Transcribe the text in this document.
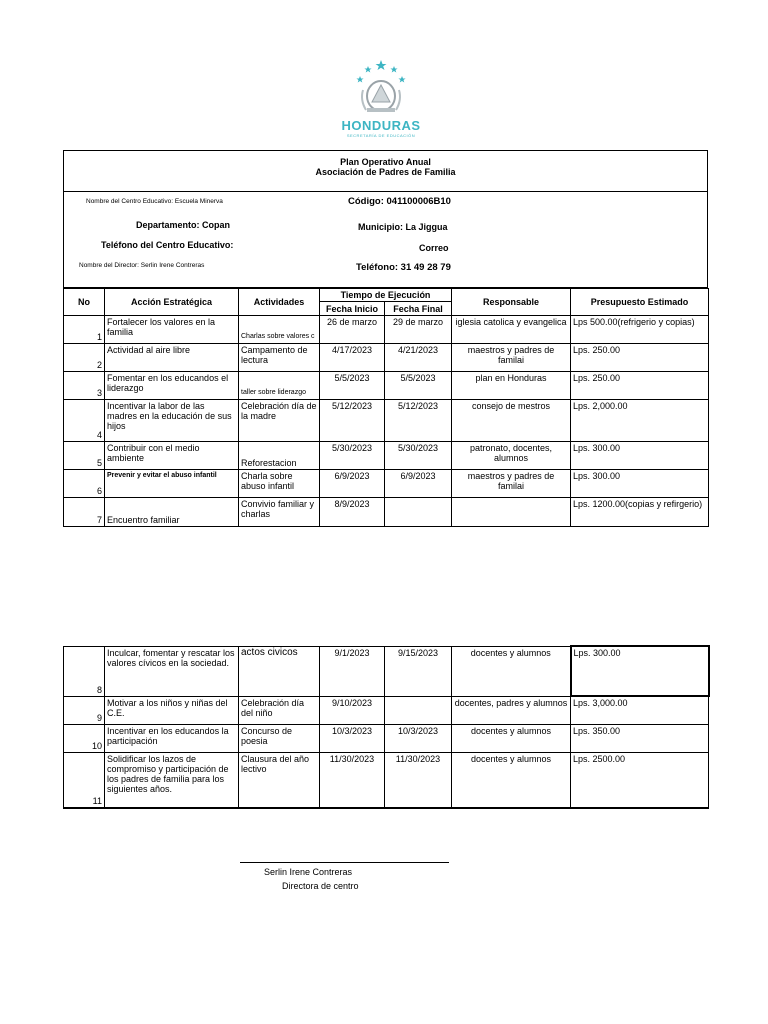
HONDURAS
SECRETARÍA DE EDUCACIÓN
Plan Operativo Anual
Asociación de Padres de Familia
Nombre del Centro Educativo: Escuela Minerva	Código: 041100006B10
Departamento: Copan	Municipio: La Jiggua
Teléfono del Centro Educativo:	Correo
Nombre del Director: Serlin Irene Contreras	Teléfono: 31 49 28 79
No	Acción Estratégica	Actividades	Tiempo de Ejecución		Responsable	Presupuesto Estimado
			Fecha Inicio	Fecha Final		
1	Fortalecer los valores en la familia	Charlas sobre valores c	26 de marzo	29 de marzo	iglesia catolica y evangelica	Lps 500.00(refrigerio y copias)
2	Actividad al aire libre	Campamento de lectura	4/17/2023	4/21/2023	maestros y padres de familai	Lps. 250.00
3	Fomentar en los educandos el liderazgo	taller sobre liderazgo	5/5/2023	5/5/2023	plan en Honduras	Lps. 250.00
4	Incentivar la labor de las madres en la educación de sus hijos	Celebración día de la madre	5/12/2023	5/12/2023	consejo de mestros	Lps. 2,000.00
5	Contribuir con el medio ambiente	Reforestacion	5/30/2023	5/30/2023	patronato, docentes, alumnos	Lps. 300.00
6	Prevenir y evitar el abuso infantil	Charla sobre abuso infantil	6/9/2023	6/9/2023	maestros y padres de familai	Lps. 300.00
7	Encuentro familiar	Convivio familiar y charlas	8/9/2023			Lps. 1200.00(copias y refirgerio)
8	Inculcar, fomentar y rescatar los valores cívicos en la sociedad.	actos civicos	9/1/2023	9/15/2023	docentes y alumnos	Lps. 300.00
9	Motivar a los niños y niñas del C.E.	Celebración día del niño	9/10/2023		docentes, padres y alumnos	Lps. 3,000.00
10	Incentivar en los educandos la participación	Concurso de poesia	10/3/2023	10/3/2023	docentes y alumnos	Lps. 350.00
11	Solidificar los lazos de compromiso y participación de los padres de familia para los siguientes años.	Clausura del año lectivo	11/30/2023	11/30/2023	docentes y alumnos	Lps. 2500.00
Serlin Irene Contreras
Directora de centro
